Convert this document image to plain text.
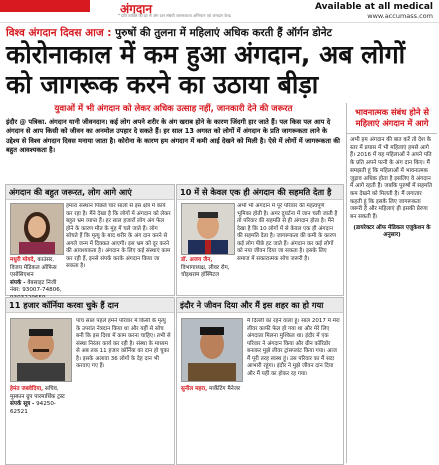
अंगदान
* प्रति व्यक्ति की दर से अंग दान संबंधी जागरूकता अभियान एवं अंगदान केन्द्र
Available at all medical
www.accumass.com
विश्व अंगदान दिवस आज : पुरुषों की तुलना में महिलाएं अधिक करती हैं ऑर्गन डोनेट
कोरोनाकाल में कम हुआ अंगदान, अब लोगों को जागरूक करने का उठाया बीड़ा
युवाओं में भी अंगदान को लेकर अधिक उत्साह नहीं, जानकारी देने की जरूरत
इंदौर @ पत्रिका. अंगदान यानी जीवनदान। कई लोग अपने शरीर के अंग खराब होने के कारण जिंदगी हार जाते हैं। पल किस पल आप दे अंगदान से आप किसी को जीवन का अनमोल उपहार दे सकते हैं। हर साल 13 अगस्त को लोगों में अंगदान के प्रति जागरूकता लाने के उद्देश्य से विश्व अंगदान दिवस मनाया जाता है। कोरोना के कारण हम अंगदान में कमी आई देखने को मिली है। ऐसे में लोगों में जागरूकता की बहुत आवश्यकता है।
अंगदान की बहुत जरूरत, लोग आगे आएं
मधुरी मोयदे, काउंसर, विजय मेडिकल ऑफिस एसोसिएशन
संपर्क - वेबसाइट निजी नंबर: 93007-74806,
हमारा संस्थान पिछले चार सालों से इस क्षेत्र में कार्य कर रहा है। मैंने देखा है कि लोगों में अंगदान को लेकर बहुत भ्रम व्याप्त हैं। हर साल हजारों लोग अंग फेल होने के कारण मौत के मुंह में चले जाते हैं। लोग सोचते हैं कि मृत्यु के बाद शरीर के अंग दान करने से अगले जन्म में दिक्कत आएगी। इस भ्रम को दूर करने की आवश्यकता है। अंगदान के लिए कई संस्थाएं काम कर रही हैं, इनसे संपर्क करके अंगदान किया जा सकता है।
10 में से केवल एक ही अंगदान की सहमति देता है
डॉ. अजय जैन, विभागाध्यक्ष, लीवर रोग, चोइथराम हॉस्पिटल
अभी भी अंगदान में पूरे परिवार की महत्वपूर्ण भूमिका होती है। अगर दुघर्टना में जान चली जाती है तो परिवार की सहमति से ही अंगदान होता है। मैंने देखा है कि 10 लोगों में से केवल एक ही अंगदान की सहमति देता है। जागरूकता की कमी के कारण कई लोग पीछे हट जाते हैं। अंगदान कर कई लोगों को नया जीवन दिया जा सकता है। इसके लिए समाज में सकारात्मक सोच जरूरी है।
11 हजार कॉर्निया करवा चुके हैं दान
हेमंत जबवेदिया, सचिव, मुस्कान ग्रुप पारमार्थिक ट्रस्ट
संपर्क सूत्र - 94250-62521
पांच साल पहले हमने परिवार में किसी के मृत्यु के उपरांत नेत्रदान किया था और यहीं से सोच बनी कि इस दिशा में काम करना चाहिए। तभी से संस्था निरंतर कार्य कर रही है। संस्था के माध्यम से अब तक 11 हजार कॉर्निया का दान हो चुका है। इसके अलावा 36 लोगों के देह दान भी करवाए गए हैं।
इंदौर ने जीवन दिया और मैं इस शहर का हो गया
सुनील महरा, मार्केटिंग मैनेजर
मैं दिल्ली का रहने वाला हूं। साल 2017 में मेरा लीवर काफी फेल हो गया था और मेरे लिए अंगदाता मिलना मुश्किल था। इंदौर में एक परिवार ने अंगदान किया और ग्रीन कॉरिडोर बनाकर मुझे लीवर ट्रांसप्लांट किया गया। आज मैं पूरी तरह स्वस्थ हूं। उस परिवार का मैं सदा आभारी रहूंगा। इंदौर ने मुझे जीवन दान दिया और मैं यहीं का होकर रह गया।
भावनात्मक संबंध होने से महिलाएं अंगदान में आगे
अभी हम अंगदान की बात करें तो देश के स्तर में प्रयास में भी महिलाएं हमसे आगे हैं। 2016 में यह महिलाओं ने अपने पति के प्रति अपने पत्नी के अंग दान किए। मैं समझती हूं कि महिलाओं में भावनात्मक जुड़ाव अधिक होता है इसलिए वे अंगदान में आगे रहती हैं। जबकि पुरुषों में सहमति कम देखने को मिलती है। मैं लगातार कहती हूं कि इसके लिए जागरूकता जरूरी है और महिलाएं ही इसकी प्रेरणा बन सकती हैं।
(डायरेक्टर ऑफ मेडिकल एजुकेशन के अनुसार)
